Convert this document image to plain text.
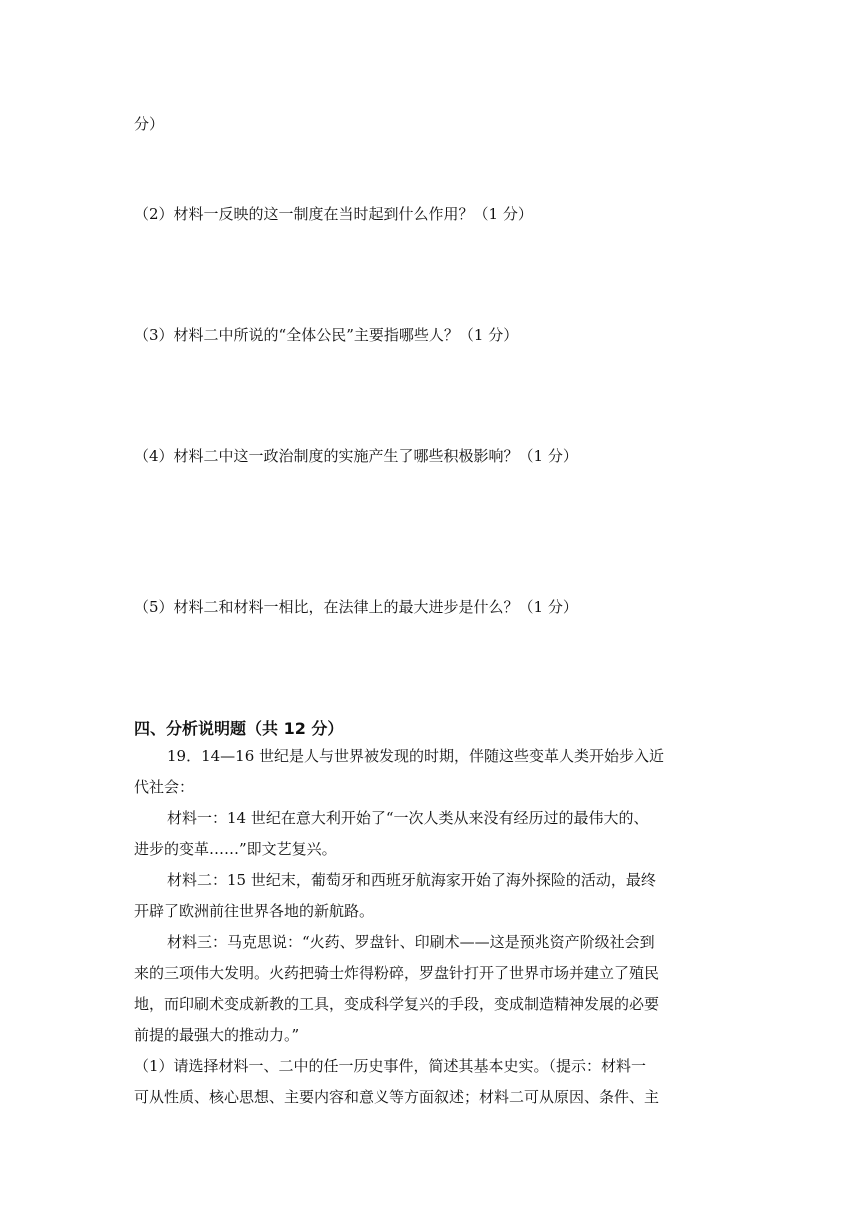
分）
（2）材料一反映的这一制度在当时起到什么作用？（1 分）
（3）材料二中所说的“全体公民”主要指哪些人？（1 分）
（4）材料二中这一政治制度的实施产生了哪些积极影响？（1 分）
（5）材料二和材料一相比，在法律上的最大进步是什么？（1 分）
四、分析说明题（共 12 分）
19．14—16 世纪是人与世界被发现的时期，伴随这些变革人类开始步入近
代社会：
材料一：14 世纪在意大利开始了“一次人类从来没有经历过的最伟大的、
进步的变革……”即文艺复兴。
材料二：15 世纪末，葡萄牙和西班牙航海家开始了海外探险的活动，最终
开辟了欧洲前往世界各地的新航路。
材料三：马克思说：“火药、罗盘针、印刷术——这是预兆资产阶级社会到
来的三项伟大发明。火药把骑士炸得粉碎，罗盘针打开了世界市场并建立了殖民
地，而印刷术变成新教的工具，变成科学复兴的手段，变成制造精神发展的必要
前提的最强大的推动力。”
（1）请选择材料一、二中的任一历史事件，简述其基本史实。（提示：材料一
可从性质、核心思想、主要内容和意义等方面叙述；材料二可从原因、条件、主
